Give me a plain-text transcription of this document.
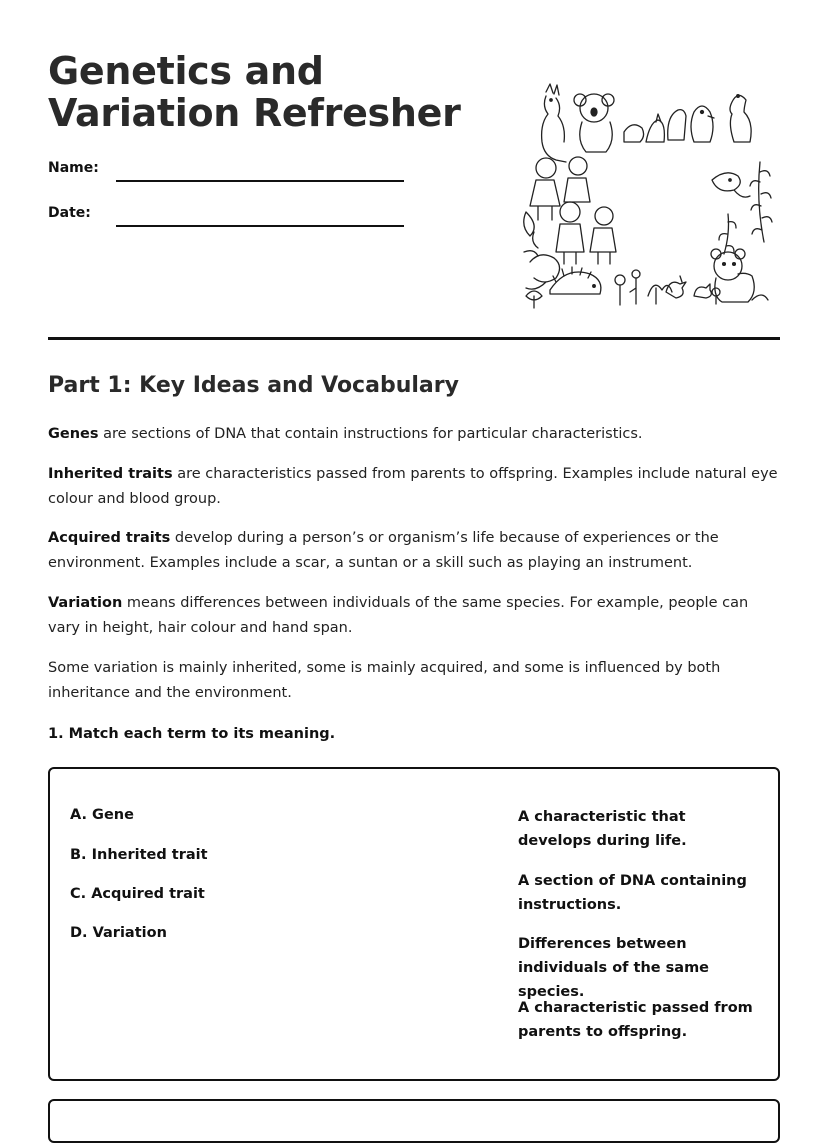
Genetics and Variation Refresher
Name:
Date:
Part 1: Key Ideas and Vocabulary

Genes are sections of DNA that contain instructions for particular characteristics.

Inherited traits are characteristics passed from parents to offspring. Examples include natural eye colour and blood group.

Acquired traits develop during a person’s or organism’s life because of experiences or the environment. Examples include a scar, a suntan or a skill such as playing an instrument.

Variation means differences between individuals of the same species. For example, people can vary in height, hair colour and hand span.

Some variation is mainly inherited, some is mainly acquired, and some is influenced by both inheritance and the environment.

1. Match each term to its meaning.
A. Gene
B. Inherited trait
C. Acquired trait
D. Variation
A characteristic that develops during life.
A section of DNA containing instructions.
Differences between individuals of the same species.
A characteristic passed from parents to offspring.
